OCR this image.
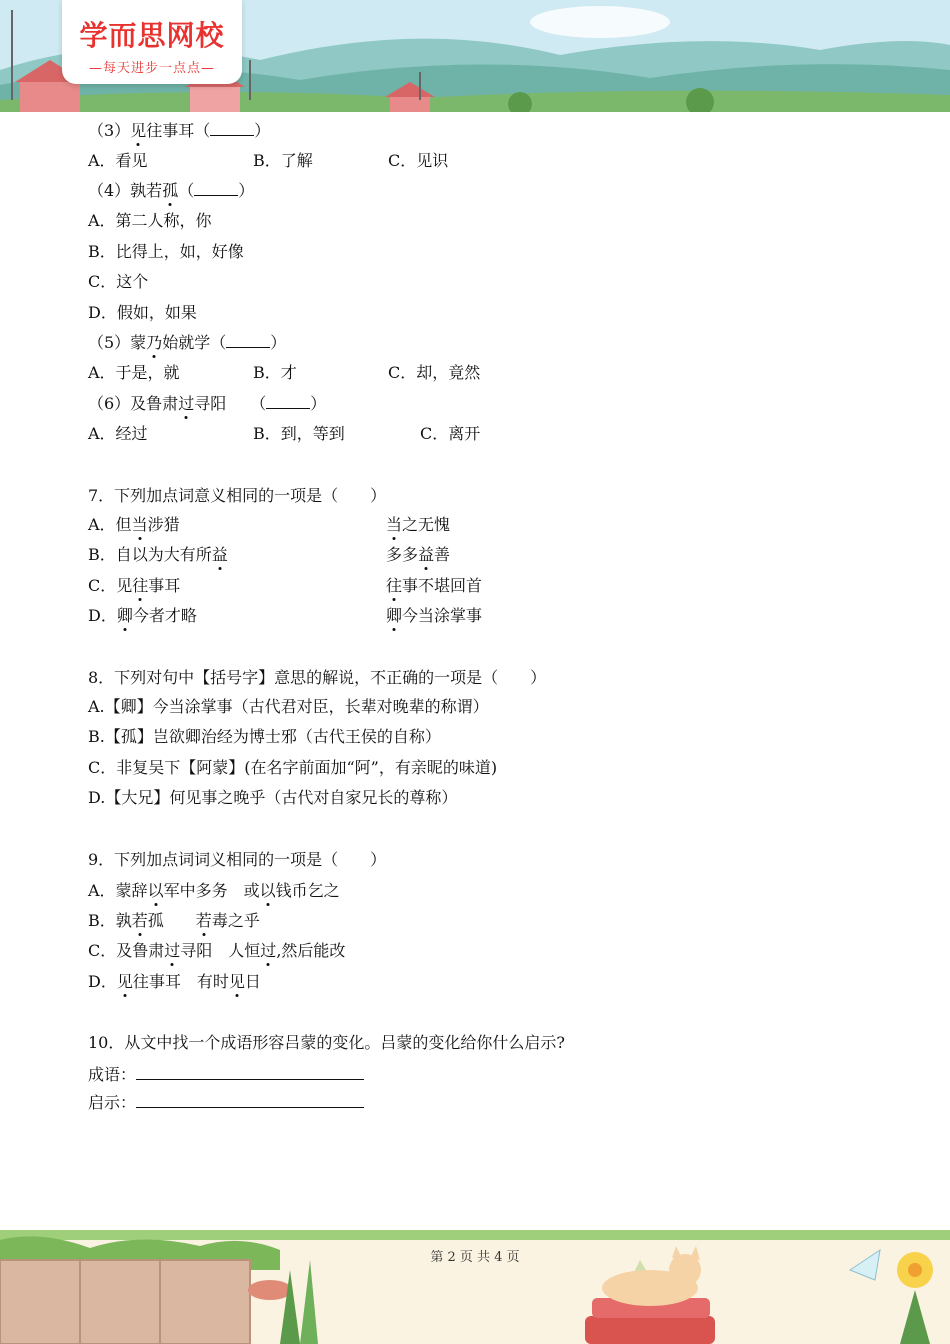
学而思网校
—每天进步一点点—
（3）见往事耳（	）
A．看见	B．了解	C．见识
（4）孰若孤（	）
A．第二人称，你
B．比得上，如，好像
C．这个
D．假如，如果
（5）蒙乃始就学（	）
A．于是，就	B．才	C．却，竟然
（6）及鲁肃过寻阳　　（	）
A．经过	B．到，等到	C．离开
7．下列加点词意义相同的一项是（　　）
A．但当涉猎	当之无愧
B．自以为大有所益	多多益善
C．见往事耳	往事不堪回首
D．卿今者才略	卿今当涂掌事
8．下列对句中【括号字】意思的解说，不正确的一项是（　　）
A.【卿】今当涂掌事（古代君对臣，长辈对晚辈的称谓）
B.【孤】岂欲卿治经为博士邪（古代王侯的自称）
C．非复吴下【阿蒙】(在名字前面加“阿”，有亲昵的味道)
D.【大兄】何见事之晚乎（古代对自家兄长的尊称）
9．下列加点词词义相同的一项是（　　）
A．蒙辞以军中多务　或以钱币乞之
B．孰若孤　　若毒之乎
C．及鲁肃过寻阳　人恒过,然后能改
D．见往事耳　有时见日
10．从文中找一个成语形容吕蒙的变化。吕蒙的变化给你什么启示?
成语：
启示：
第 2 页 共 4 页
